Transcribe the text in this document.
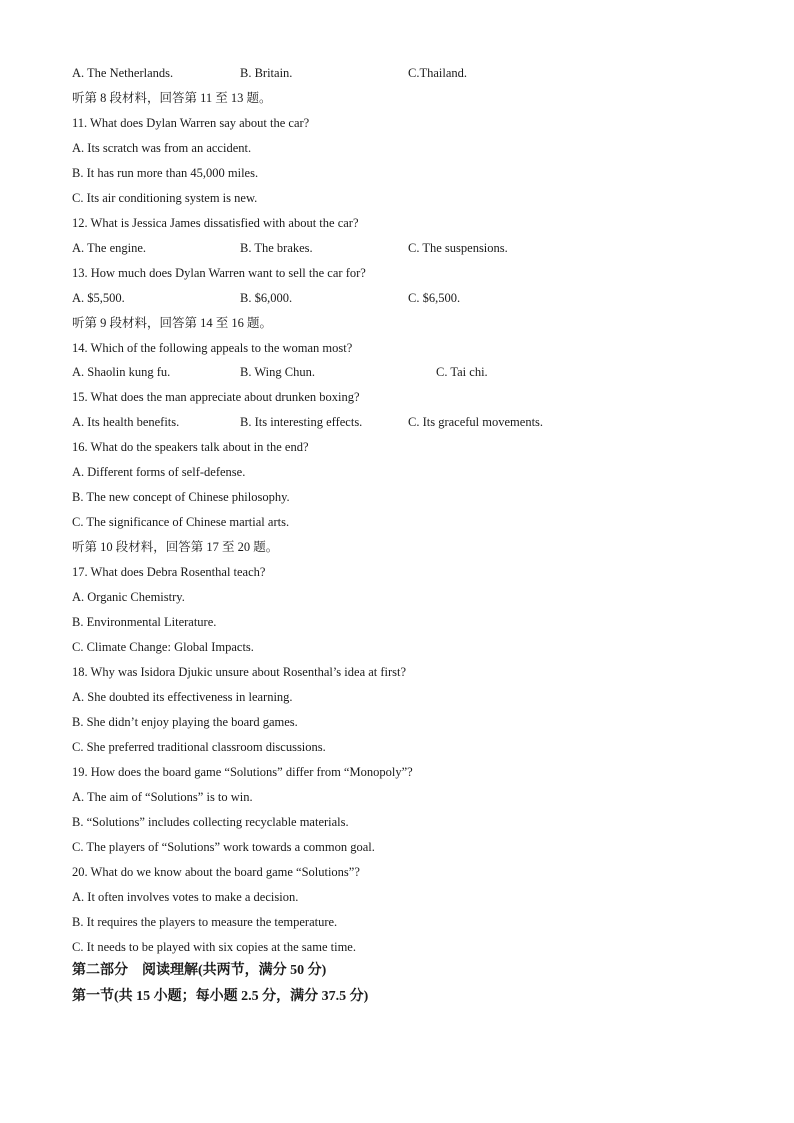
A. The Netherlands.	B. Britain.	C.Thailand.
听第 8 段材料，回答第 11 至 13 题。
11. What does Dylan Warren say about the car?
A. Its scratch was from an accident.
B. It has run more than 45,000 miles.
C. Its air conditioning system is new.
12. What is Jessica James dissatisfied with about the car?
A. The engine.	B. The brakes.	C. The suspensions.
13. How much does Dylan Warren want to sell the car for?
A. $5,500.	B. $6,000.	C. $6,500.
听第 9 段材料，回答第 14 至 16 题。
14. Which of the following appeals to the woman most?
A. Shaolin kung fu.	B. Wing Chun.	C. Tai chi.
15. What does the man appreciate about drunken boxing?
A. Its health benefits.	B. Its interesting effects.	C. Its graceful movements.
16. What do the speakers talk about in the end?
A. Different forms of self-defense.
B. The new concept of Chinese philosophy.
C. The significance of Chinese martial arts.
听第 10 段材料，回答第 17 至 20 题。
17. What does Debra Rosenthal teach?
A. Organic Chemistry.
B. Environmental Literature.
C. Climate Change: Global Impacts.
18. Why was Isidora Djukic unsure about Rosenthal’s idea at first?
A. She doubted its effectiveness in learning.
B. She didn’t enjoy playing the board games.
C. She preferred traditional classroom discussions.
19. How does the board game “Solutions” differ from “Monopoly”?
A. The aim of “Solutions” is to win.
B. “Solutions” includes collecting recyclable materials.
C. The players of “Solutions” work towards a common goal.
20. What do we know about the board game “Solutions”?
A. It often involves votes to make a decision.
B. It requires the players to measure the temperature.
C. It needs to be played with six copies at the same time.
第二部分　阅读理解(共两节，满分 50 分)
第一节(共 15 小题；每小题 2.5 分，满分 37.5 分)
